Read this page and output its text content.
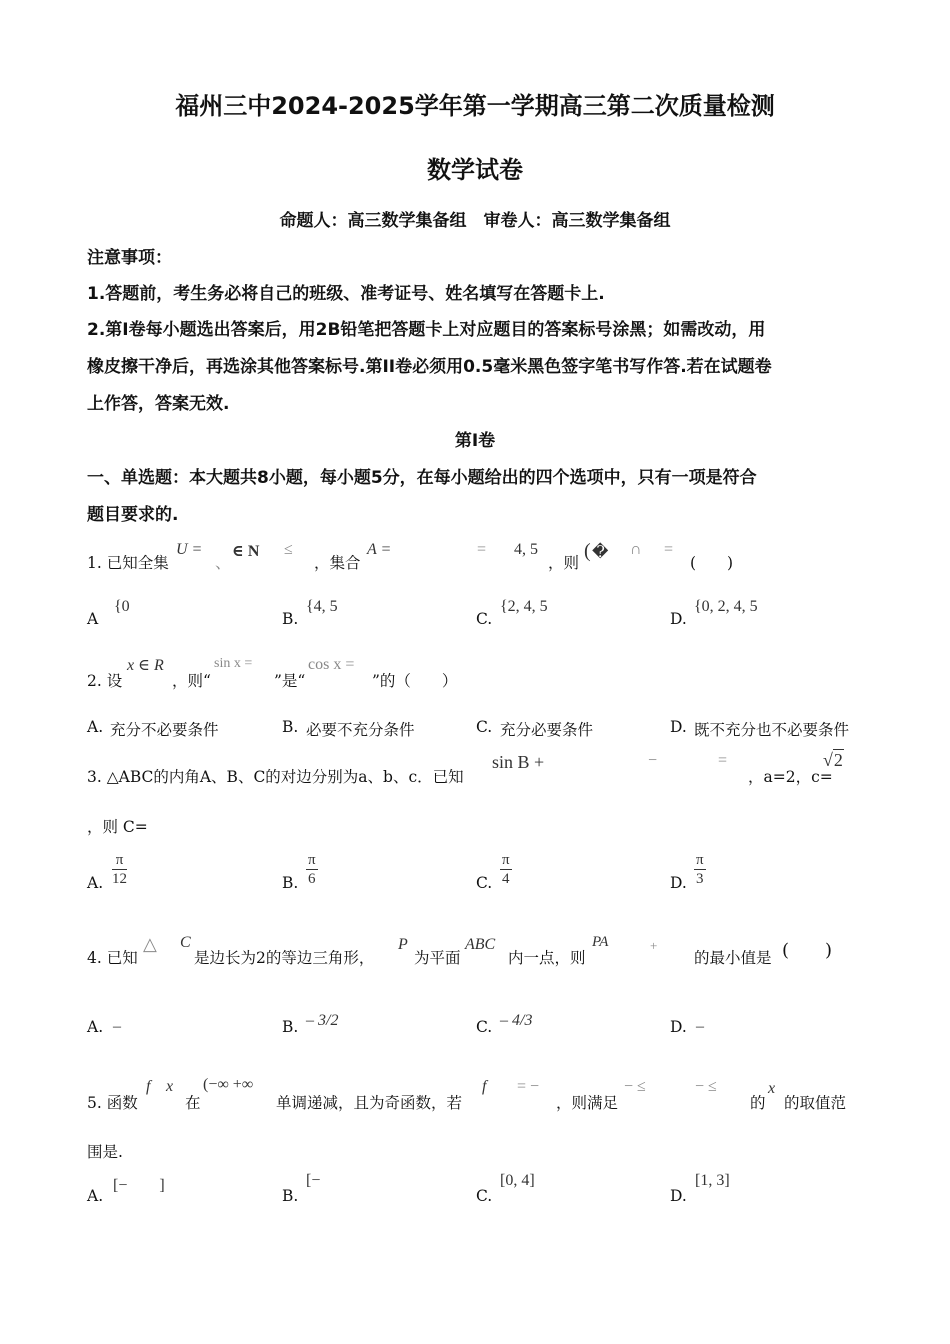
福州三中2024-2025学年第一学期高三第二次质量检测
数学试卷
命题人：高三数学集备组　审卷人：高三数学集备组
注意事项：
1.答题前，考生务必将自己的班级、准考证号、姓名填写在答题卡上.
2.第I卷每小题选出答案后，用2B铅笔把答题卡上对应题目的答案标号涂黑；如需改动，用
橡皮擦干净后，再选涂其他答案标号.第II卷必须用0.5毫米黑色签字笔书写作答.若在试题卷
上作答，答案无效.
第I卷
一、单选题：本大题共8小题，每小题5分，在每小题给出的四个选项中，只有一项是符合
题目要求的.
1. 已知全集
U =
、
∈ N ≤
，集合
A =	= 4, 5
，则
( � ∩ =
(　　)
A
{0
B.
{4, 5
C.
{2, 4, 5
D.
{0, 2, 4, 5
2. 设
x ∈ R
，则“
sin x =
”是“
cos x =
”的（　　）
A. 充分不必要条件	B. 必要不充分条件	C. 充分必要条件	D. 既不充分也不必要条件
3. △ABC的内角A、B、C的对边分别为a、b、c．已知
sin B +	−	=
，a=2，c=
√2
，则 C=
A. $\frac{\pi}{12}$	B. $\frac{\pi}{6}$	C. $\frac{\pi}{4}$	D. $\frac{\pi}{3}$
4. 已知
△ C
是边长为2的等边三角形，
P
为平面
ABC
内一点，则
PA	+
的最小值是 (　　)
A. –	B. – 3/2	C. – 4/3	D. –
5. 函数
f x
在
(−∞ +∞
单调递减，且为奇函数，若
f = −
，则满足
− ≤	− ≤
的
x
的取值范
围是.
A.
[−　　]
B.
[−
C.
[0, 4]
D.
[1, 3]
